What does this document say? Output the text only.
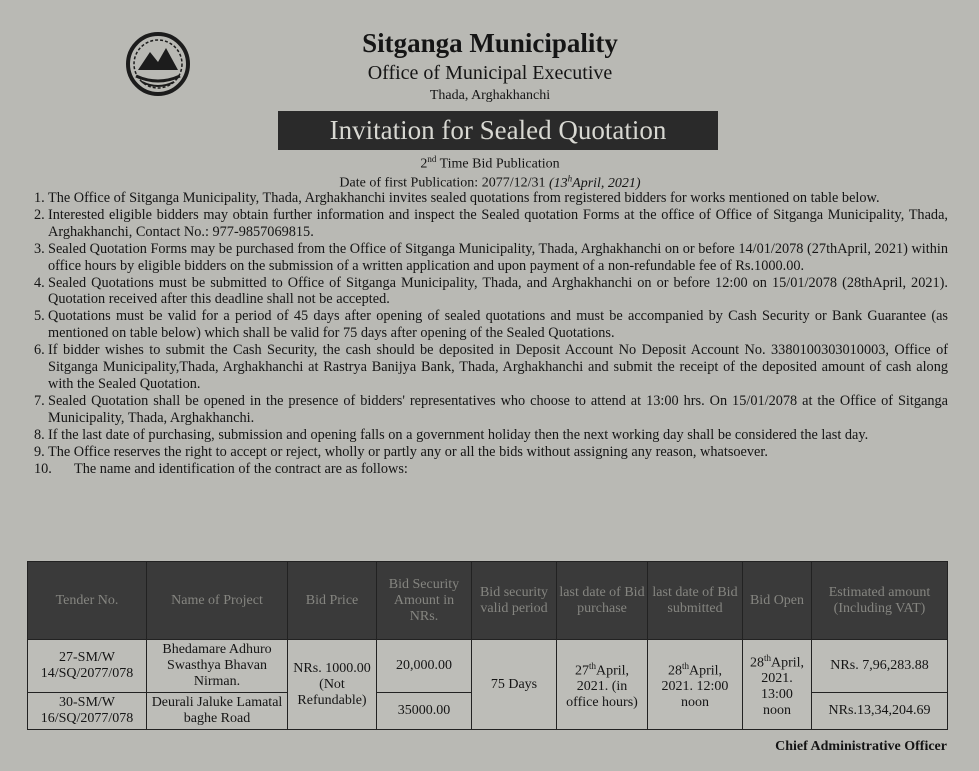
Sitganga Municipality
Office of Municipal Executive
Thada, Arghakhanchi
Invitation for Sealed Quotation
2nd Time Bid Publication
Date of first Publication: 2077/12/31 (13$^h$April, 2021)
1. The Office of Sitganga Municipality, Thada, Arghakhanchi invites sealed quotations from registered bidders for works mentioned on table below.
2. Interested eligible bidders may obtain further information and inspect the Sealed quotation Forms at the office of Office of Sitganga Municipality, Thada, Arghakhanchi, Contact No.: 977-9857069815.
3. Sealed Quotation Forms may be purchased from the Office of Sitganga Municipality, Thada, Arghakhanchi on or before 14/01/2078 (27thApril, 2021) within office hours by eligible bidders on the submission of a written application and upon payment of a non-refundable fee of Rs.1000.00.
4. Sealed Quotations must be submitted to Office of Sitganga Municipality, Thada, and Arghakhanchi on or before 12:00 on 15/01/2078 (28thApril, 2021). Quotation received after this deadline shall not be accepted.
5. Quotations must be valid for a period of 45 days after opening of sealed quotations and must be accompanied by Cash Security or Bank Guarantee (as mentioned on table below) which shall be valid for 75 days after opening of the Sealed Quotations.
6. If bidder wishes to submit the Cash Security, the cash should be deposited in Deposit Account No Deposit Account No. 3380100303010003, Office of Sitganga Municipality,Thada, Arghakhanchi at Rastrya Banijya Bank, Thada, Arghakhanchi and submit the receipt of the deposited amount of cash along with the Sealed Quotation.
7. Sealed Quotation shall be opened in the presence of bidders' representatives who choose to attend at 13:00 hrs. On 15/01/2078 at the Office of Sitganga Municipality, Thada, Arghakhanchi.
8. If the last date of purchasing, submission and opening falls on a government holiday then the next working day shall be considered the last day.
9. The Office reserves the right to accept or reject, wholly or partly any or all the bids without assigning any reason, whatsoever.
10.	The name and identification of the contract are as follows:
Tender No.	Name of Project	Bid Price	Bid Security Amount in NRs.	Bid security valid period	last date of Bid purchase	last date of Bid submitted	Bid Open	Estimated amount (Including VAT)
27-SM/W 14/SQ/2077/078	Bhedamare Adhuro Swasthya Bhavan Nirman.	NRs. 1000.00 (Not Refundable)	20,000.00	75 Days	27thApril, 2021. (in office hours)	28thApril, 2021. 12:00 noon	28thApril, 2021. 13:00 noon	NRs. 7,96,283.88
30-SM/W 16/SQ/2077/078	Deurali Jaluke Lamatal baghe Road		35000.00					NRs.13,34,204.69
Chief Administrative Officer
